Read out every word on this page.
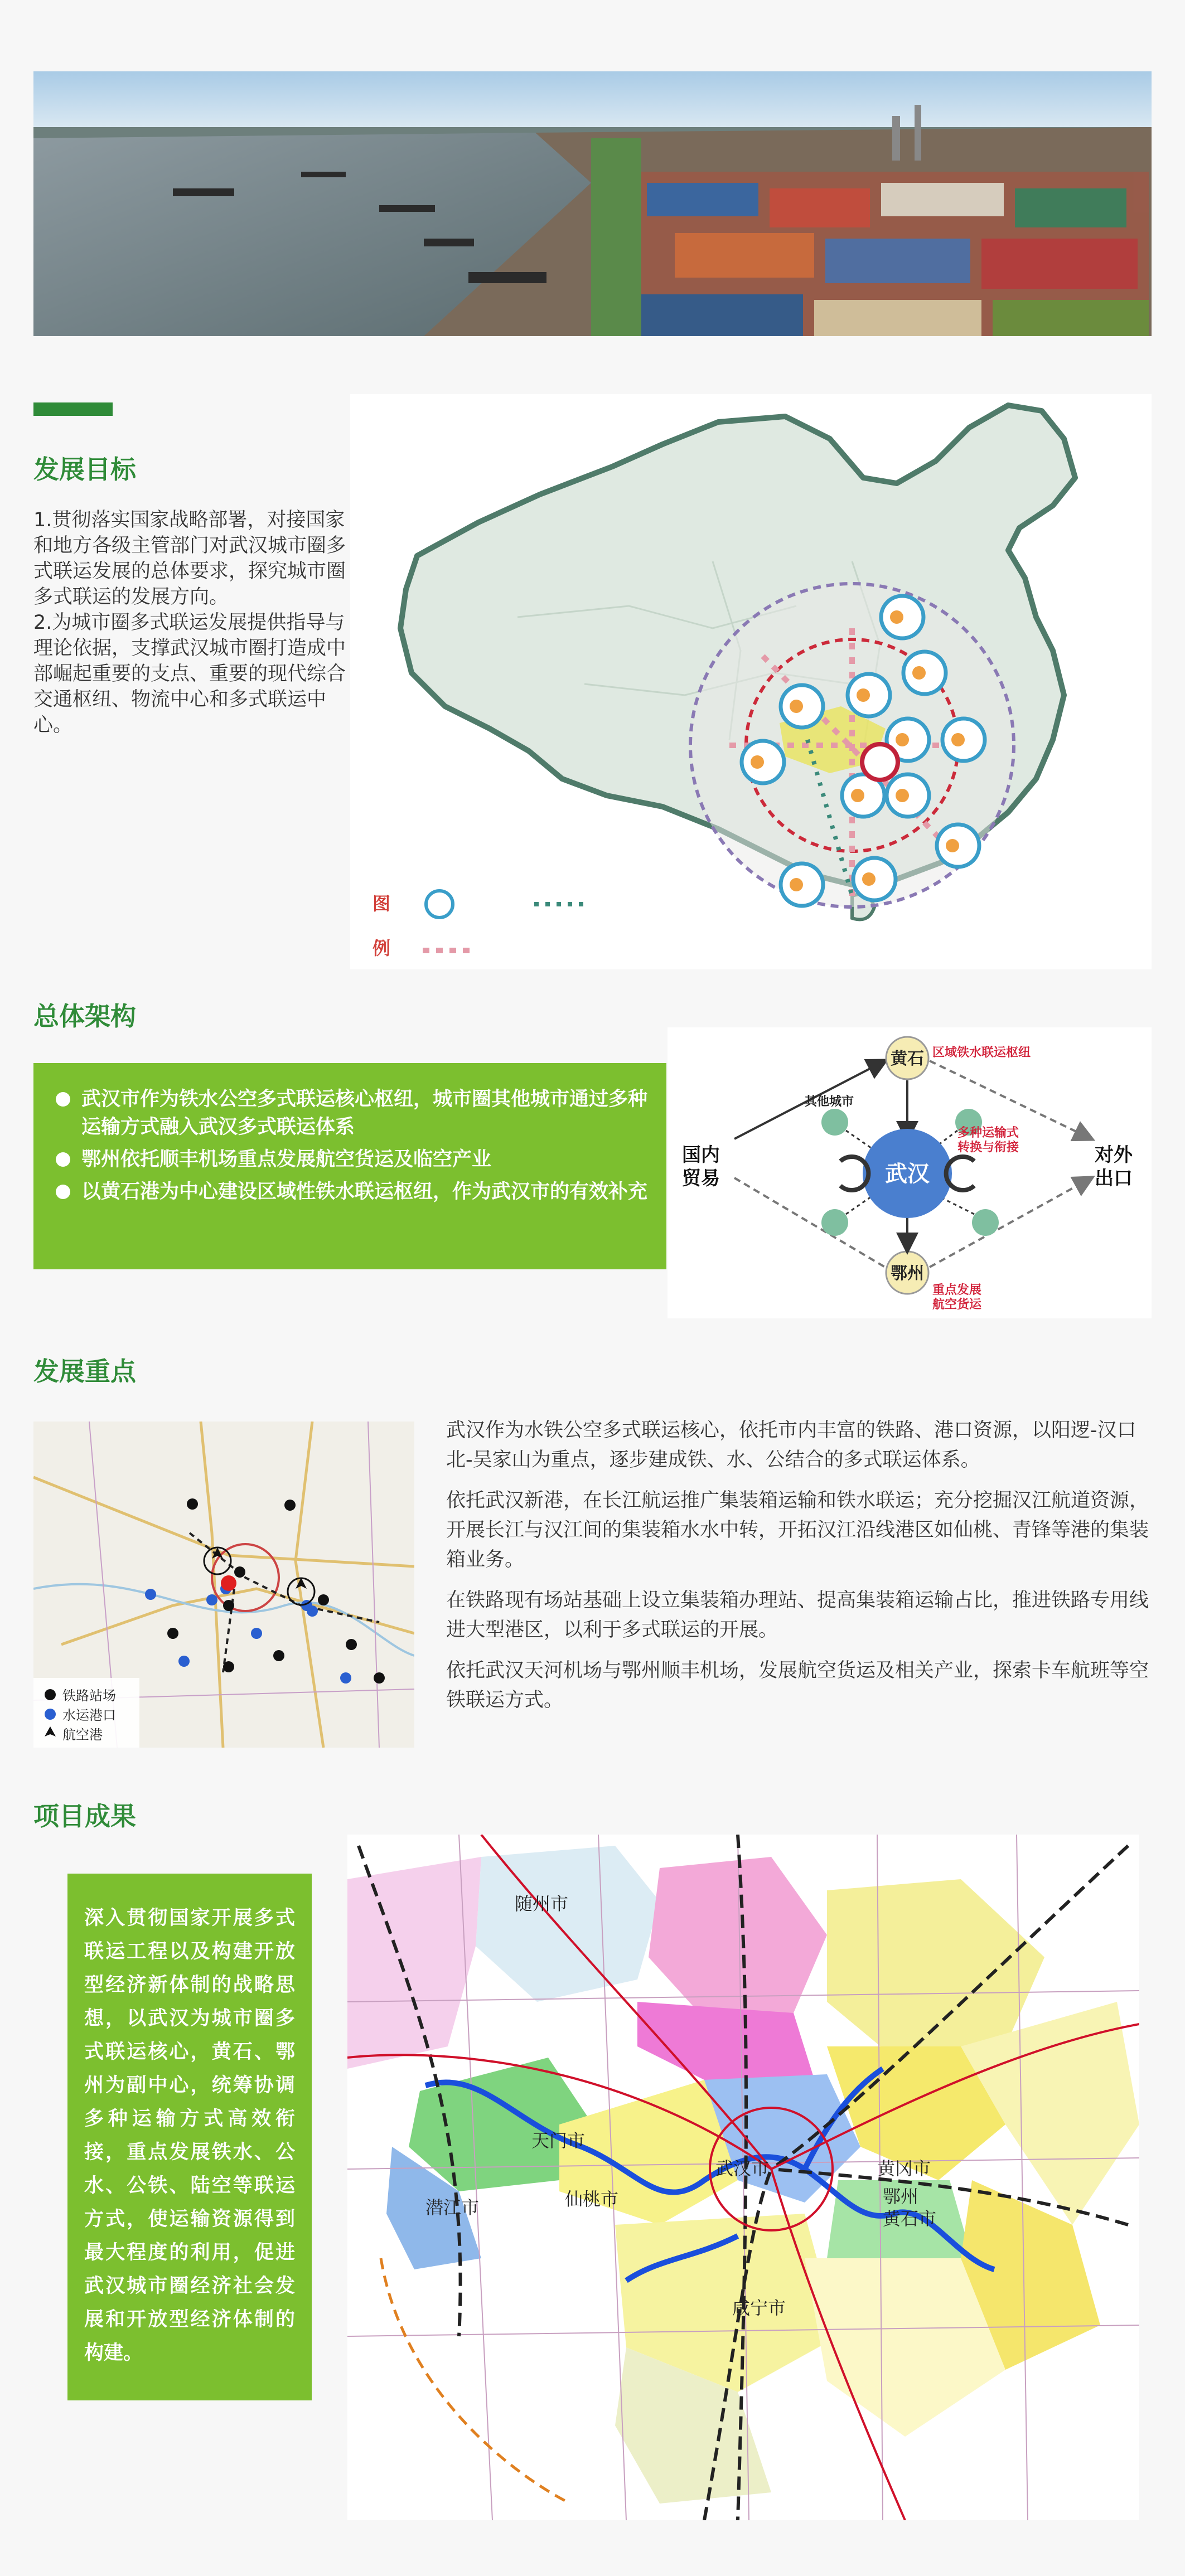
发展目标

1.贯彻落实国家战略部署，对接国家和地方各级主管部门对武汉城市圈多式联运发展的总体要求，探究城市圈多式联运的发展方向。

2.为城市圈多式联运发展提供指导与理论依据，支撑武汉城市圈打造成中部崛起重要的支点、重要的现代综合交通枢纽、物流中心和多式联运中心。

图
例
总体架构
武汉市作为铁水公空多式联运核心枢纽，城市圈其他城市通过多种运输方式融入武汉多式联运体系
鄂州依托顺丰机场重点发展航空货运及临空产业
以黄石港为中心建设区域性铁水联运枢纽，作为武汉市的有效补充
黄石
鄂州
武汉
国内
贸易
对外
出口
区域铁水联运枢纽
其他城市
多种运输式
转换与衔接
重点发展
航空货运
发展重点
铁路站场
水运港口
航空港

武汉作为水铁公空多式联运核心，依托市内丰富的铁路、港口资源，以阳逻-汉口北-吴家山为重点，逐步建成铁、水、公结合的多式联运体系。

依托武汉新港，在长江航运推广集装箱运输和铁水联运；充分挖掘汉江航道资源，开展长江与汉江间的集装箱水水中转，开拓汉江沿线港区如仙桃、青锋等港的集装箱业务。

在铁路现有场站基础上设立集装箱办理站、提高集装箱运输占比，推进铁路专用线进大型港区，以利于多式联运的开展。

依托武汉天河机场与鄂州顺丰机场，发展航空货运及相关产业，探索卡车航班等空铁联运方式。

项目成果

深入贯彻国家开展多式联运工程以及构建开放型经济新体制的战略思想，以武汉为城市圈多式联运核心，黄石、鄂州为副中心，统筹协调多种运输方式高效衔接，重点发展铁水、公水、公铁、陆空等联运方式，使运输资源得到最大程度的利用，促进武汉城市圈经济社会发展和开放型经济体制的构建。

随州市
天门市
潜江市	仙桃市
武汉市	黄冈市
鄂州
黄石市
咸宁市
